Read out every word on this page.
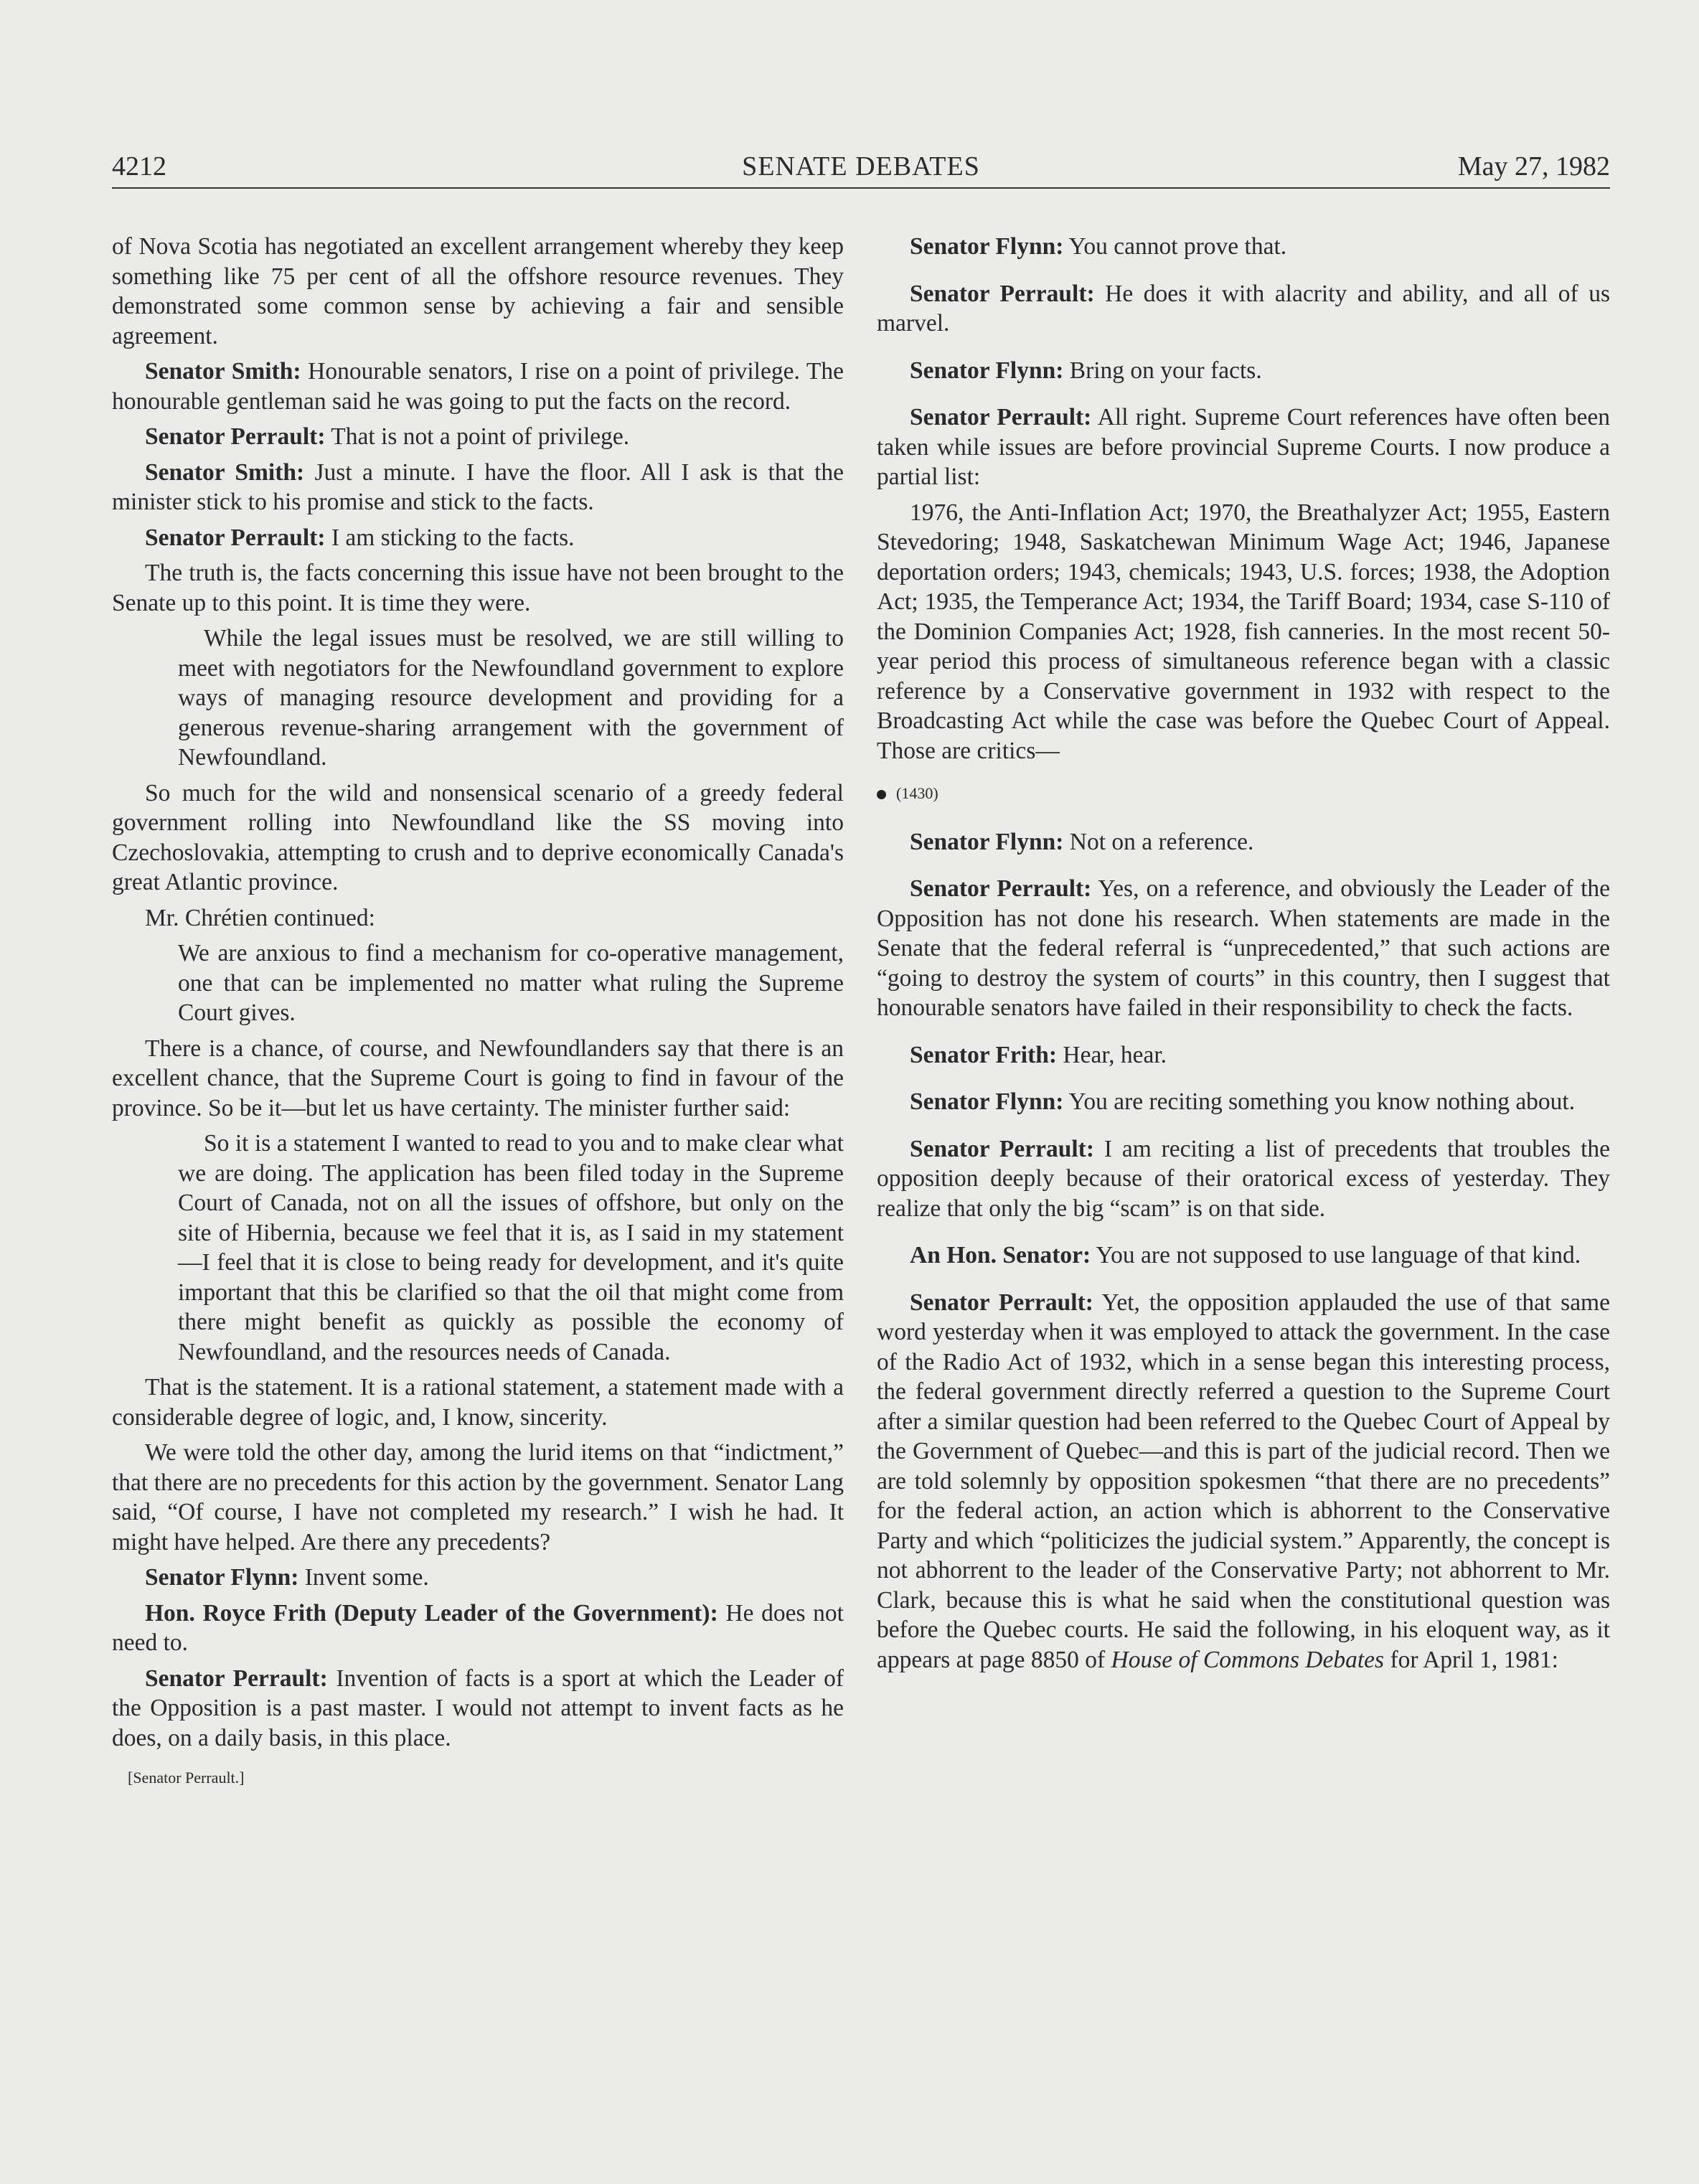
4212	SENATE DEBATES	May 27, 1982

of Nova Scotia has negotiated an excellent arrangement whereby they keep something like 75 per cent of all the offshore resource revenues. They demonstrated some common sense by achieving a fair and sensible agreement.

Senator Smith: Honourable senators, I rise on a point of privilege. The honourable gentleman said he was going to put the facts on the record.

Senator Perrault: That is not a point of privilege.

Senator Smith: Just a minute. I have the floor. All I ask is that the minister stick to his promise and stick to the facts.

Senator Perrault: I am sticking to the facts.

The truth is, the facts concerning this issue have not been brought to the Senate up to this point. It is time they were.

While the legal issues must be resolved, we are still willing to meet with negotiators for the Newfoundland government to explore ways of managing resource development and providing for a generous revenue-sharing arrangement with the government of Newfoundland.

So much for the wild and nonsensical scenario of a greedy federal government rolling into Newfoundland like the SS moving into Czechoslovakia, attempting to crush and to deprive economically Canada's great Atlantic province.

Mr. Chrétien continued:

We are anxious to find a mechanism for co-operative management, one that can be implemented no matter what ruling the Supreme Court gives.

There is a chance, of course, and Newfoundlanders say that there is an excellent chance, that the Supreme Court is going to find in favour of the province. So be it—but let us have certainty. The minister further said:

So it is a statement I wanted to read to you and to make clear what we are doing. The application has been filed today in the Supreme Court of Canada, not on all the issues of offshore, but only on the site of Hibernia, because we feel that it is, as I said in my statement—I feel that it is close to being ready for development, and it's quite important that this be clarified so that the oil that might come from there might benefit as quickly as possible the economy of Newfoundland, and the resources needs of Canada.

That is the statement. It is a rational statement, a statement made with a considerable degree of logic, and, I know, sincerity.

We were told the other day, among the lurid items on that “indictment,” that there are no precedents for this action by the government. Senator Lang said, “Of course, I have not completed my research.” I wish he had. It might have helped. Are there any precedents?

Senator Flynn: Invent some.

Hon. Royce Frith (Deputy Leader of the Government): He does not need to.

Senator Perrault: Invention of facts is a sport at which the Leader of the Opposition is a past master. I would not attempt to invent facts as he does, on a daily basis, in this place.

[Senator Perrault.]

Senator Flynn: You cannot prove that.

Senator Perrault: He does it with alacrity and ability, and all of us marvel.

Senator Flynn: Bring on your facts.

Senator Perrault: All right. Supreme Court references have often been taken while issues are before provincial Supreme Courts. I now produce a partial list:

1976, the Anti-Inflation Act; 1970, the Breathalyzer Act; 1955, Eastern Stevedoring; 1948, Saskatchewan Minimum Wage Act; 1946, Japanese deportation orders; 1943, chemicals; 1943, U.S. forces; 1938, the Adoption Act; 1935, the Temperance Act; 1934, the Tariff Board; 1934, case S-110 of the Dominion Companies Act; 1928, fish canneries. In the most recent 50-year period this process of simultaneous reference began with a classic reference by a Conservative government in 1932 with respect to the Broadcasting Act while the case was before the Quebec Court of Appeal. Those are critics—

(1430)

Senator Flynn: Not on a reference.

Senator Perrault: Yes, on a reference, and obviously the Leader of the Opposition has not done his research. When statements are made in the Senate that the federal referral is “unprecedented,” that such actions are “going to destroy the system of courts” in this country, then I suggest that honourable senators have failed in their responsibility to check the facts.

Senator Frith: Hear, hear.

Senator Flynn: You are reciting something you know nothing about.

Senator Perrault: I am reciting a list of precedents that troubles the opposition deeply because of their oratorical excess of yesterday. They realize that only the big “scam” is on that side.

An Hon. Senator: You are not supposed to use language of that kind.

Senator Perrault: Yet, the opposition applauded the use of that same word yesterday when it was employed to attack the government. In the case of the Radio Act of 1932, which in a sense began this interesting process, the federal government directly referred a question to the Supreme Court after a similar question had been referred to the Quebec Court of Appeal by the Government of Quebec—and this is part of the judicial record. Then we are told solemnly by opposition spokesmen “that there are no precedents” for the federal action, an action which is abhorrent to the Conservative Party and which “politicizes the judicial system.” Apparently, the concept is not abhorrent to the leader of the Conservative Party; not abhorrent to Mr. Clark, because this is what he said when the constitutional question was before the Quebec courts. He said the following, in his eloquent way, as it appears at page 8850 of House of Commons Debates for April 1, 1981:
